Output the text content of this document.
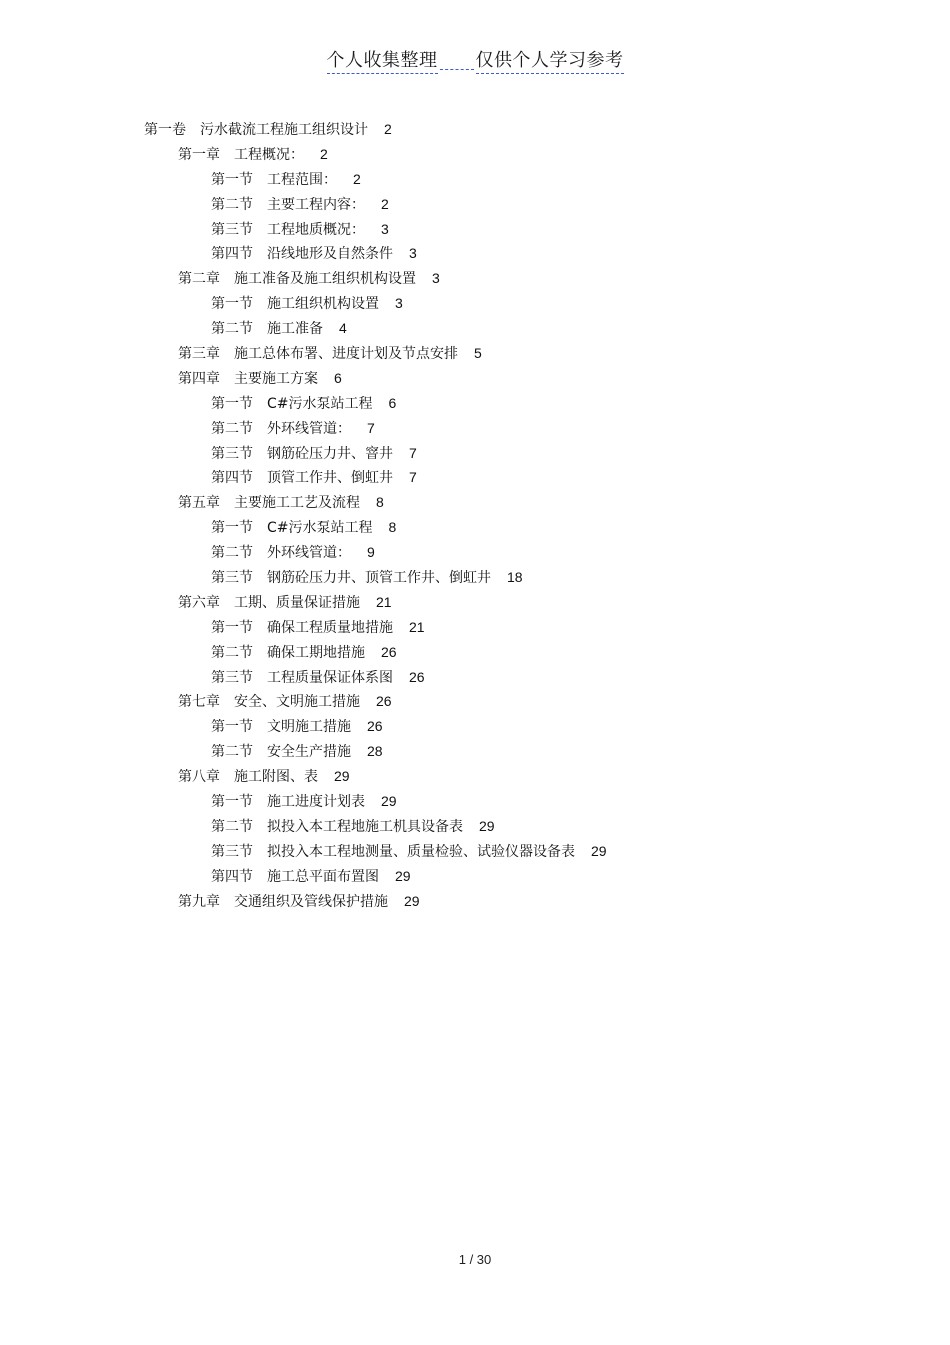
个人收集整理 仅供个人学习参考
第一卷 污水截流工程施工组织设计 2
第一章 工程概况： 2
第一节 工程范围： 2
第二节 主要工程内容： 2
第三节 工程地质概况： 3
第四节 沿线地形及自然条件 3
第二章 施工准备及施工组织机构设置 3
第一节 施工组织机构设置 3
第二节 施工准备 4
第三章 施工总体布署、进度计划及节点安排 5
第四章 主要施工方案 6
第一节 C#污水泵站工程 6
第二节 外环线管道： 7
第三节 钢筋砼压力井、窨井 7
第四节 顶管工作井、倒虹井 7
第五章 主要施工工艺及流程 8
第一节 C#污水泵站工程 8
第二节 外环线管道： 9
第三节 钢筋砼压力井、顶管工作井、倒虹井 18
第六章 工期、质量保证措施 21
第一节 确保工程质量地措施 21
第二节 确保工期地措施 26
第三节 工程质量保证体系图 26
第七章 安全、文明施工措施 26
第一节 文明施工措施 26
第二节 安全生产措施 28
第八章 施工附图、表 29
第一节 施工进度计划表 29
第二节 拟投入本工程地施工机具设备表 29
第三节 拟投入本工程地测量、质量检验、试验仪器设备表 29
第四节 施工总平面布置图 29
第九章 交通组织及管线保护措施 29
1 / 30
